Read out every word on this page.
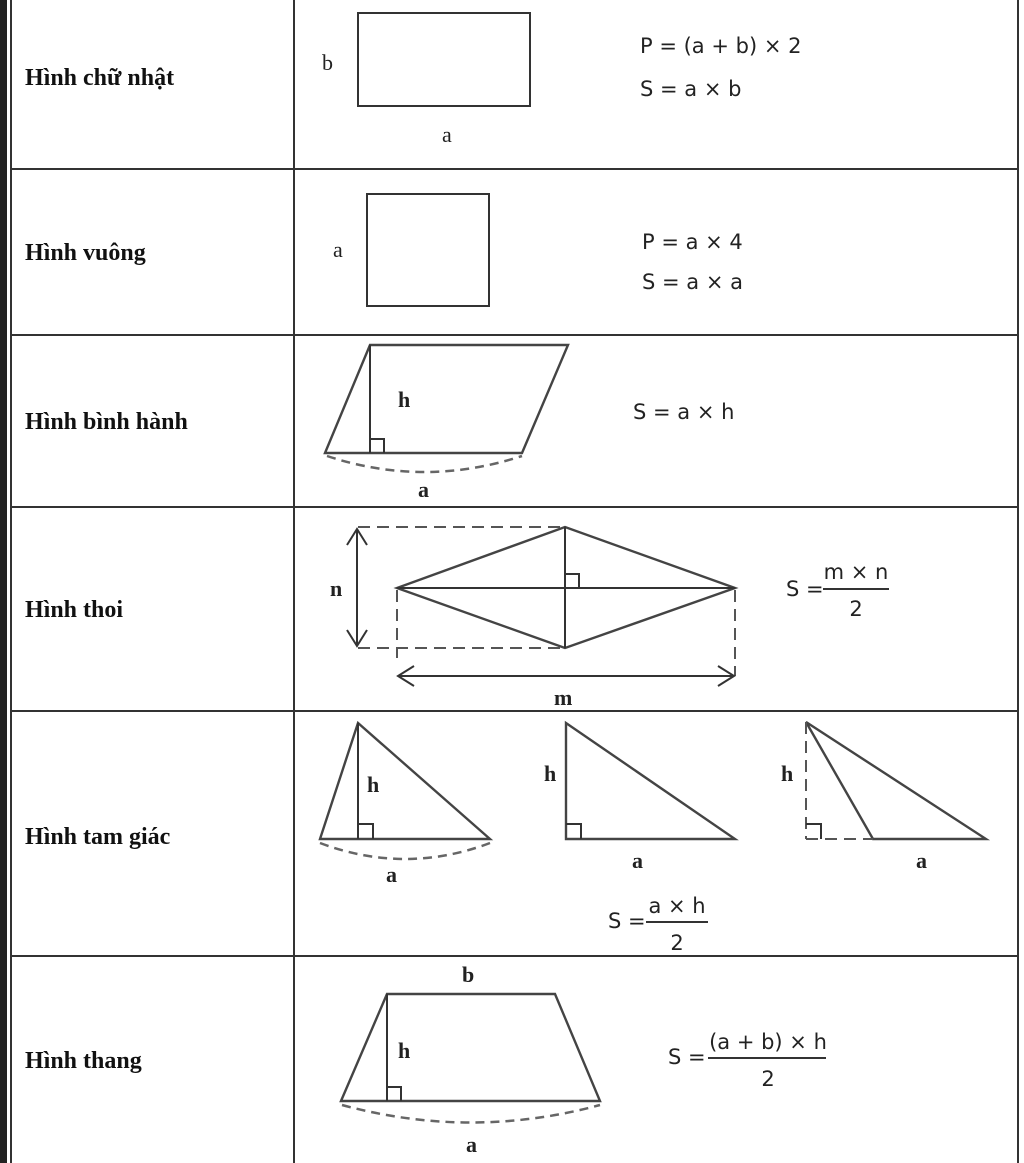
Hình chữ nhật
Hình vuông
Hình bình hành
Hình thoi
Hình tam giác
Hình thang
b
a
P = (a + b) × 2
S = a × b
a	P = a × 4
S = a × a
h
a
S = a × h
n
m
S =
m × n
2
h
a
h
a
h
a
S =
a × h
2
b
h
a
S =
(a + b) × h
2
